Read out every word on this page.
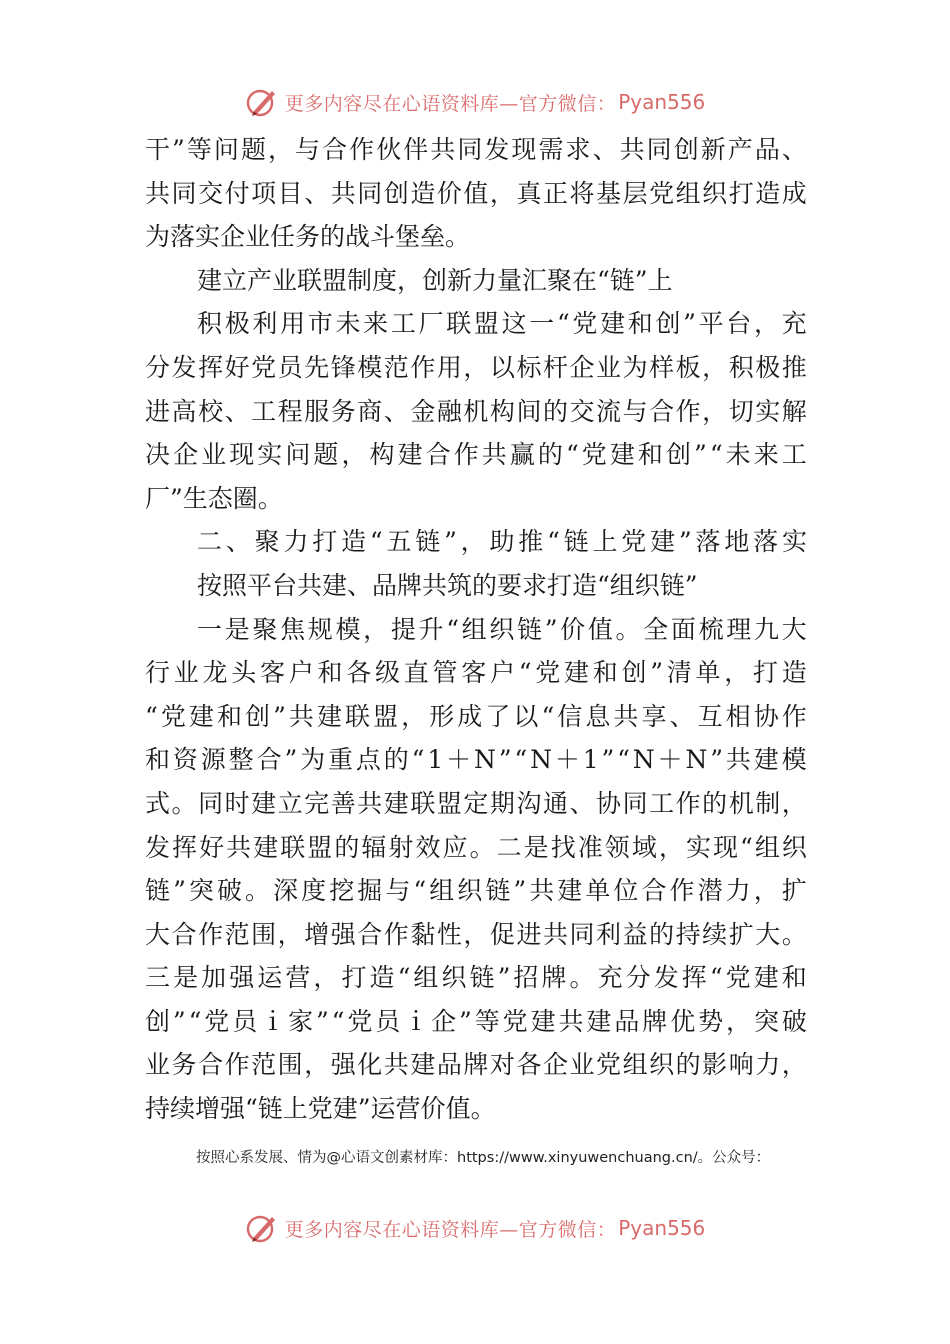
更多内容尽在心语资料库—官方微信： Pyan556
干 ” 等 问 题 ， 与 合 作 伙 伴 共 同 发 现 需 求 、 共 同 创 新 产 品 、
共 同 交 付 项 目 、 共 同 创 造 价 值 ， 真 正 将 基 层 党 组 织 打 造 成
为落实企业任务的战斗堡垒。
建立产业联盟制度，创新力量汇聚在“链”上
积 极 利 用 市 未 来 工 厂 联 盟 这 一 “ 党 建 和 创 ” 平 台 ， 充
分 发 挥 好 党 员 先 锋 模 范 作 用 ， 以 标 杆 企 业 为 样 板 ， 积 极 推
进 高 校 、 工 程 服 务 商 、 金 融 机 构 间 的 交 流 与 合 作 ， 切 实 解
决 企 业 现 实 问 题 ， 构 建 合 作 共 赢 的 “ 党 建 和 创 ” “ 未 来 工
厂”生态圈。
二 、 聚 力 打 造 “ 五 链 ” ， 助 推 “ 链 上 党 建 ” 落 地 落 实
按照平台共建、品牌共筑的要求打造“组织链”
一 是 聚 焦 规 模 ， 提 升 “ 组 织 链 ” 价 值 。 全 面 梳 理 九 大
行 业 龙 头 客 户 和 各 级 直 管 客 户 “ 党 建 和 创 ” 清 单 ， 打 造
“ 党 建 和 创 ” 共 建 联 盟 ， 形 成 了 以 “ 信 息 共 享 、 互 相 协 作
和 资 源 整 合 ” 为 重 点 的 “ 1 ＋ N ” “ N ＋ 1 ” “ N ＋ N ” 共 建 模
式 。 同 时 建 立 完 善 共 建 联 盟 定 期 沟 通 、 协 同 工 作 的 机 制 ，
发 挥 好 共 建 联 盟 的 辐 射 效 应 。 二 是 找 准 领 域 ， 实 现 “ 组 织
链 ” 突 破 。 深 度 挖 掘 与 “ 组 织 链 ” 共 建 单 位 合 作 潜 力 ， 扩
大 合 作 范 围 ， 增 强 合 作 黏 性 ， 促 进 共 同 利 益 的 持 续 扩 大 。
三 是 加 强 运 营 ， 打 造 “ 组 织 链 ” 招 牌 。 充 分 发 挥 “ 党 建 和
创 ” “ 党 员 ｉ 家 ” “ 党 员 ｉ 企 ” 等 党 建 共 建 品 牌 优 势 ， 突 破
业 务 合 作 范 围 ， 强 化 共 建 品 牌 对 各 企 业 党 组 织 的 影 响 力 ，
持续增强“链上党建”运营价值。
按照心系发展、情为@心语文创素材库：https://www.xinyuwenchuang.cn/。公众号：
更多内容尽在心语资料库—官方微信： Pyan556
